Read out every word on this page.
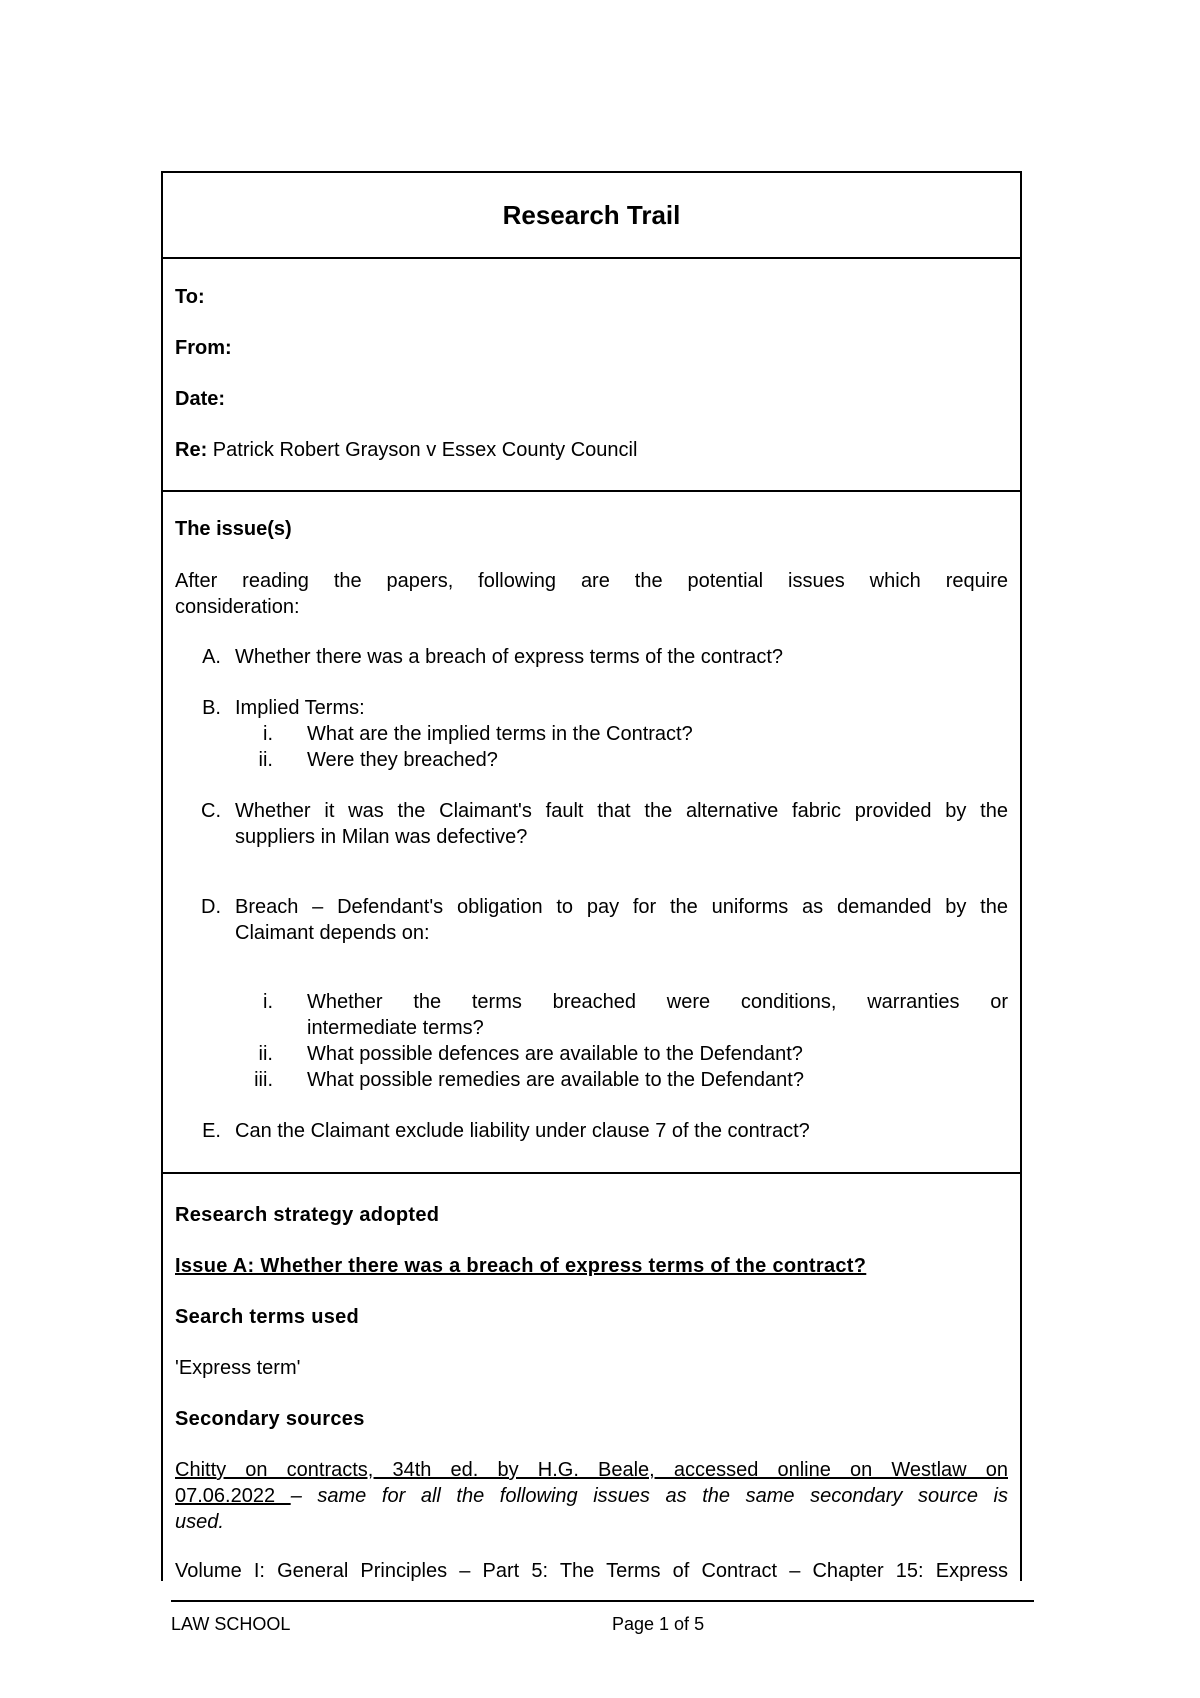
Research Trail
To:
From:
Date:
Re: Patrick Robert Grayson v Essex County Council
The issue(s)
After reading the papers, following are the potential issues which require
consideration:
A. Whether there was a breach of express terms of the contract?
B. Implied Terms:
i.	What are the implied terms in the Contract?
ii.	Were they breached?
C. Whether it was the Claimant's fault that the alternative fabric provided by the
suppliers in Milan was defective?
D. Breach – Defendant's obligation to pay for the uniforms as demanded by the
Claimant depends on:
i.	Whether the terms breached were conditions, warranties or
intermediate terms?
ii.	What possible defences are available to the Defendant?
iii.	What possible remedies are available to the Defendant?
E. Can the Claimant exclude liability under clause 7 of the contract?
Research strategy adopted
Issue A: Whether there was a breach of express terms of the contract?
Search terms used
'Express term'
Secondary sources
Chitty on contracts, 34th ed. by H.G. Beale, accessed online on Westlaw on
07.06.2022 – same for all the following issues as the same secondary source is
used.
Volume I: General Principles – Part 5: The Terms of Contract – Chapter 15: Express
LAW SCHOOL	Page 1 of 5
